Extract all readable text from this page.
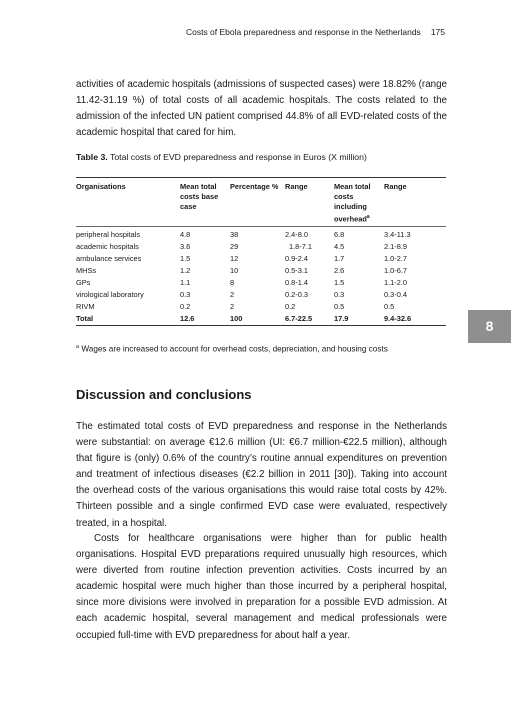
Costs of Ebola preparedness and response in the Netherlands 175

activities of academic hospitals (admissions of suspected cases) were 18.82% (range 11.42-31.19 %) of total costs of all academic hospitals. The costs related to the admission of the infected UN patient comprised 44.8% of all EVD-related costs of the academic hospital that cared for him.

Table 3. Total costs of EVD preparedness and response in Euros (X million)
Organisations	Mean total costs base case	Percentage %	Range	Mean total costs including overhead$^a$	Range
peripheral hospitals	4.8	38	2.4-8.0	6.8	3.4-11.3
academic hospitals	3.6	29	1.8-7.1	4.5	2.1-8.9
ambulance services	1.5	12	0.9-2.4	1.7	1.0-2.7
MHSs	1.2	10	0.5-3.1	2.6	1.0-6.7
GPs	1.1	8	0.8-1.4	1.5	1.1-2.0
virological laboratory	0.3	2	0.2-0.3	0.3	0.3-0.4
RIVM	0.2	2	0.2	0.5	0.5
Total	12.6	100	6.7-22.5	17.9	9.4-32.6
$^a$ Wages are increased to account for overhead costs, depreciation, and housing costs
8
Discussion and conclusions

The estimated total costs of EVD preparedness and response in the Netherlands were substantial: on average €12.6 million (UI: €6.7 million-€22.5 million), although that figure is (only) 0.6% of the country’s routine annual expenditures on prevention and treatment of infectious diseases (€2.2 billion in 2011 [30]). Taking into account the overhead costs of the various organisations this would raise total costs by 42%. Thirteen possible and a single confirmed EVD case were evaluated, respectively treated, in a hospital.

Costs for healthcare organisations were higher than for public health organisations. Hospital EVD preparations required unusually high resources, which were diverted from routine infection prevention activities. Costs incurred by an academic hospital were much higher than those incurred by a peripheral hospital, since more divisions were involved in preparation for a possible EVD admission. At each academic hospital, several management and medical professionals were occupied full-time with EVD preparedness for about half a year.
